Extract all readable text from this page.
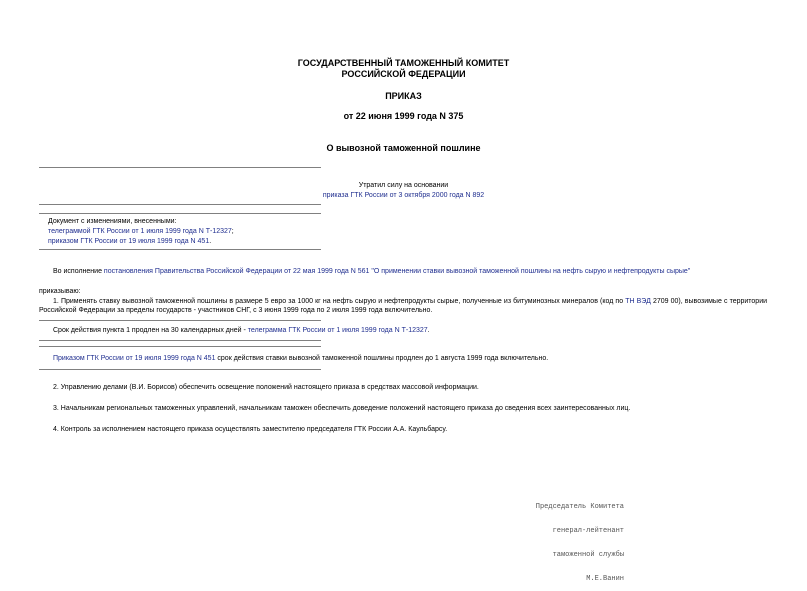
ГОСУДАРСТВЕННЫЙ ТАМОЖЕННЫЙ КОМИТЕТ
РОССИЙСКОЙ ФЕДЕРАЦИИ
ПРИКАЗ
от 22 июня 1999 года N 375
О вывозной таможенной пошлине
Утратил силу на основании
приказа ГТК России от 3 октября 2000 года N 892
Документ с изменениями, внесенными:
телеграммой ГТК России от 1 июля 1999 года N Т-12327;
приказом ГТК России от 19 июля 1999 года N 451.
Во исполнение постановления Правительства Российской Федерации от 22 мая 1999 года N 561 "О применении ставки вывозной таможенной пошлины на нефть сырую и нефтепродукты сырые"
приказываю:
1. Применять ставку вывозной таможенной пошлины в размере 5 евро за 1000 кг на нефть сырую и нефтепродукты сырые, полученные из битуминозных минералов (код по ТН ВЭД 2709 00), вывозимые с территории Российской Федерации за пределы государств - участников СНГ, с 3 июня 1999 года по 2 июля 1999 года включительно.
Срок действия пункта 1 продлен на 30 календарных дней - телеграмма ГТК России от 1 июля 1999 года N Т-12327.
Приказом ГТК России от 19 июля 1999 года N 451 срок действия ставки вывозной таможенной пошлины продлен до 1 августа 1999 года включительно.
2. Управлению делами (В.И. Борисов) обеспечить освещение положений настоящего приказа в средствах массовой информации.
3. Начальникам региональных таможенных управлений, начальникам таможен обеспечить доведение положений настоящего приказа до сведения всех заинтересованных лиц.
4. Контроль за исполнением настоящего приказа осуществлять заместителю председателя ГТК России А.А. Каульбарсу.

Председатель Комитета

генерал-лейтенант

таможенной службы

М.Е.Ванин
